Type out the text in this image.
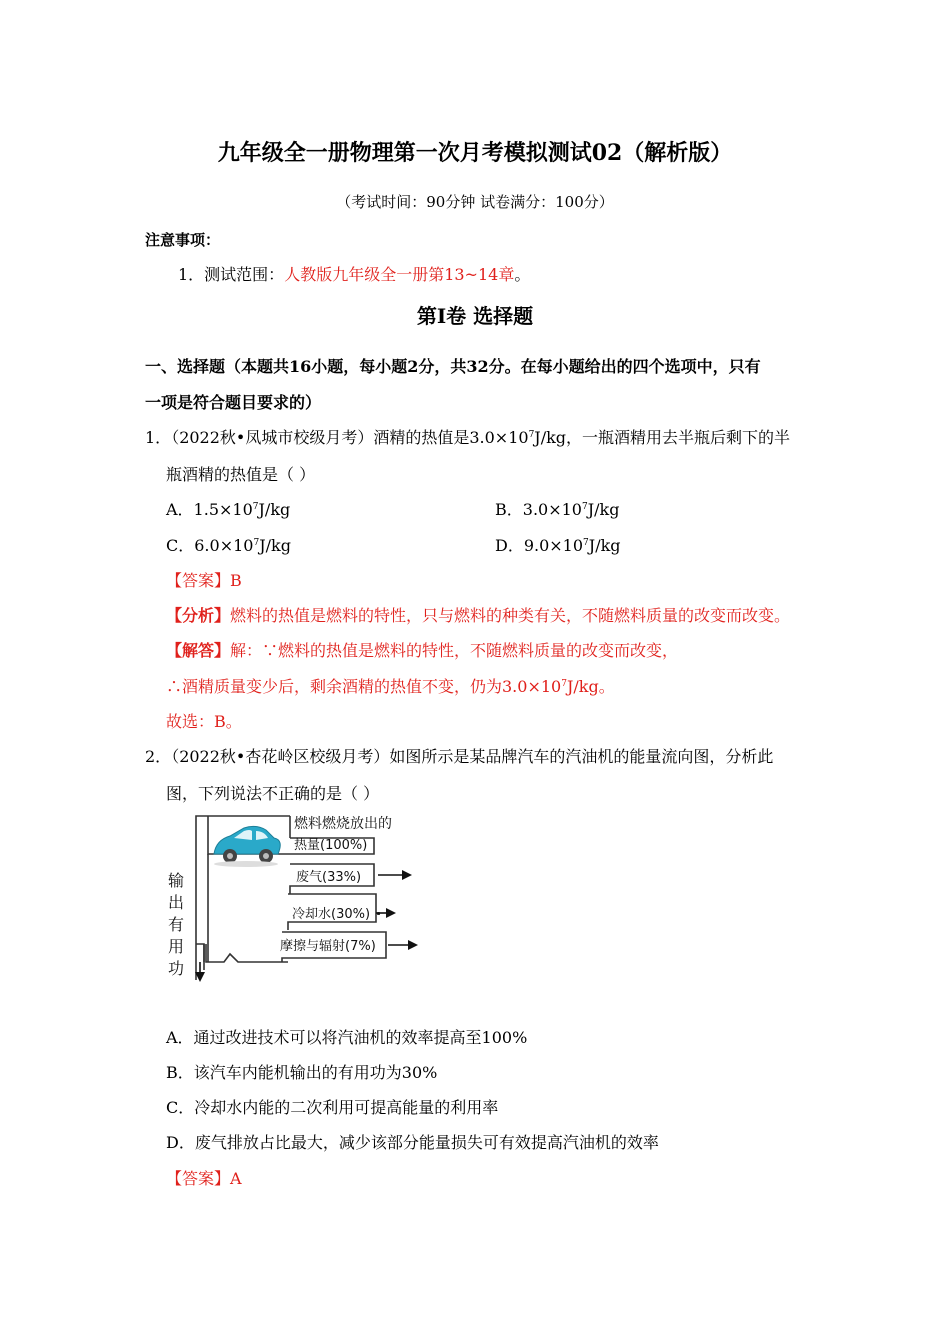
九年级全一册物理第一次月考模拟测试02（解析版）
（考试时间：90分钟 试卷满分：100分）
注意事项：
1．测试范围：人教版九年级全一册第13~14章。
第Ⅰ卷 选择题
一、选择题（本题共16小题，每小题2分，共32分。在每小题给出的四个选项中，只有
一项是符合题目要求的）
1．（2022秋•凤城市校级月考）酒精的热值是$3.0\times 10^7J/kg$，一瓶酒精用去半瓶后剩下的半
瓶酒精的热值是（ ）
A．$1.5\times 10^7J/kg$	B．$3.0\times 10^7J/kg$
C．$6.0\times 10^7J/kg$	D．$9.0\times 10^7J/kg$
【答案】B
【分析】燃料的热值是燃料的特性，只与燃料的种类有关，不随燃料质量的改变而改变。
【解答】解：∵燃料的热值是燃料的特性，不随燃料质量的改变而改变，
∴酒精质量变少后，剩余酒精的热值不变，仍为$3.0\times 10^7J/kg$。
故选：B。
2．（2022秋•杏花岭区校级月考）如图所示是某品牌汽车的汽油机的能量流向图，分析此
图，下列说法不正确的是（ ）
燃料燃烧放出的
热量(100%)
废气(33%)
冷却水(30%)
摩擦与辐射(7%)
输
出
有
用
功
A．通过改进技术可以将汽油机的效率提高至100%
B．该汽车内能机输出的有用功为30%
C．冷却水内能的二次利用可提高能量的利用率
D．废气排放占比最大，减少该部分能量损失可有效提高汽油机的效率
【答案】A
